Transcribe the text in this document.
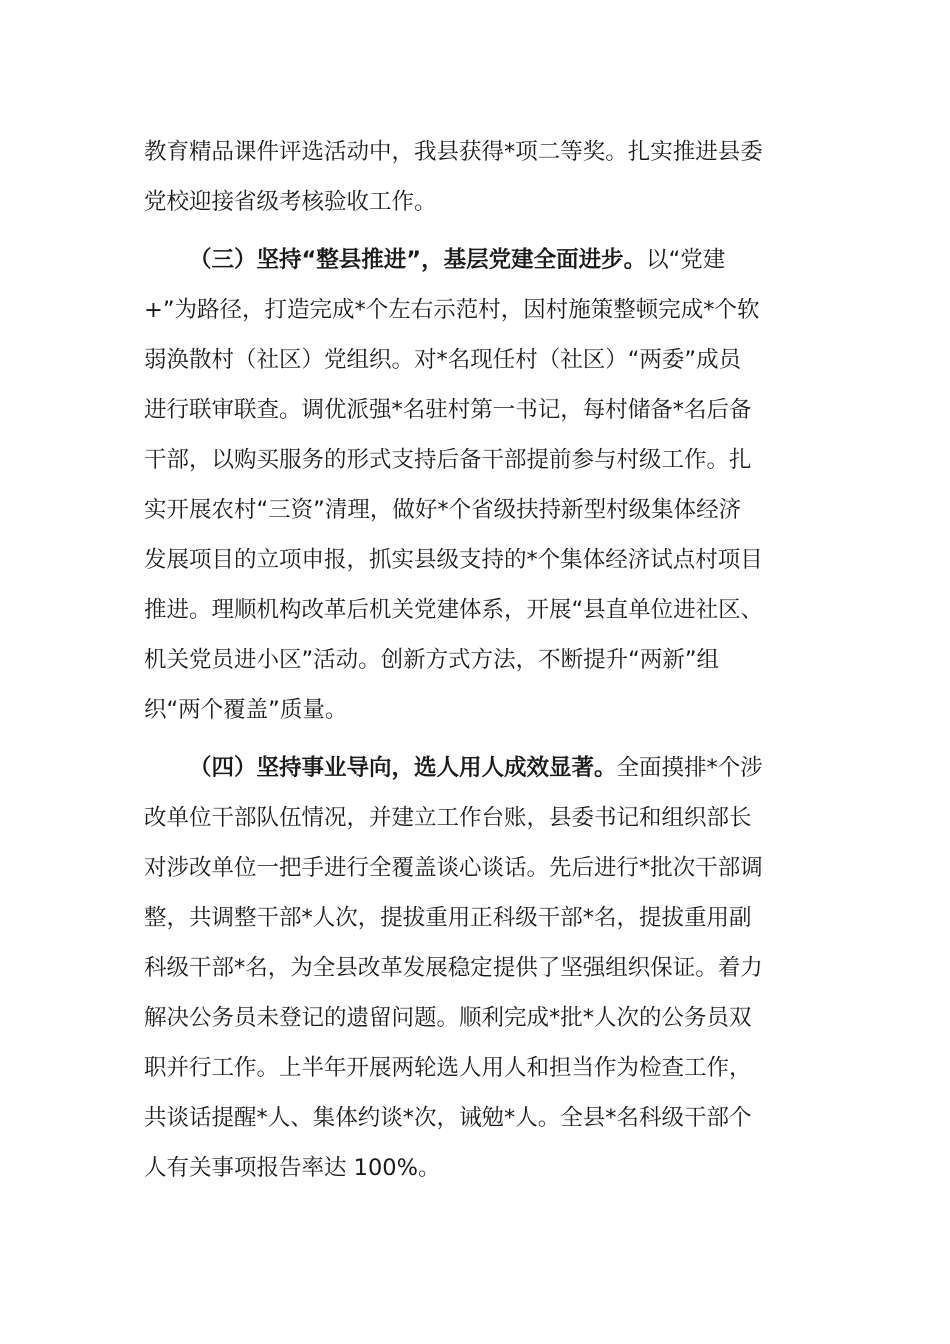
教育精品课件评选活动中，我县获得*项二等奖。扎实推进县委

党校迎接省级考核验收工作。

（三）坚持“整县推进”，基层党建全面进步。以“党建

+”为路径，打造完成*个左右示范村，因村施策整顿完成*个软

弱涣散村（社区）党组织。对*名现任村（社区）“两委”成员

进行联审联查。调优派强*名驻村第一书记，每村储备*名后备

干部，以购买服务的形式支持后备干部提前参与村级工作。扎

实开展农村“三资”清理，做好*个省级扶持新型村级集体经济

发展项目的立项申报，抓实县级支持的*个集体经济试点村项目

推进。理顺机构改革后机关党建体系，开展“县直单位进社区、

机关党员进小区”活动。创新方式方法，不断提升“两新”组

织“两个覆盖”质量。

（四）坚持事业导向，选人用人成效显著。全面摸排*个涉

改单位干部队伍情况，并建立工作台账，县委书记和组织部长

对涉改单位一把手进行全覆盖谈心谈话。先后进行*批次干部调

整，共调整干部*人次，提拔重用正科级干部*名，提拔重用副

科级干部*名，为全县改革发展稳定提供了坚强组织保证。着力

解决公务员未登记的遗留问题。顺利完成*批*人次的公务员双

职并行工作。上半年开展两轮选人用人和担当作为检查工作，

共谈话提醒*人、集体约谈*次，诫勉*人。全县*名科级干部个

人有关事项报告率达 100%。
